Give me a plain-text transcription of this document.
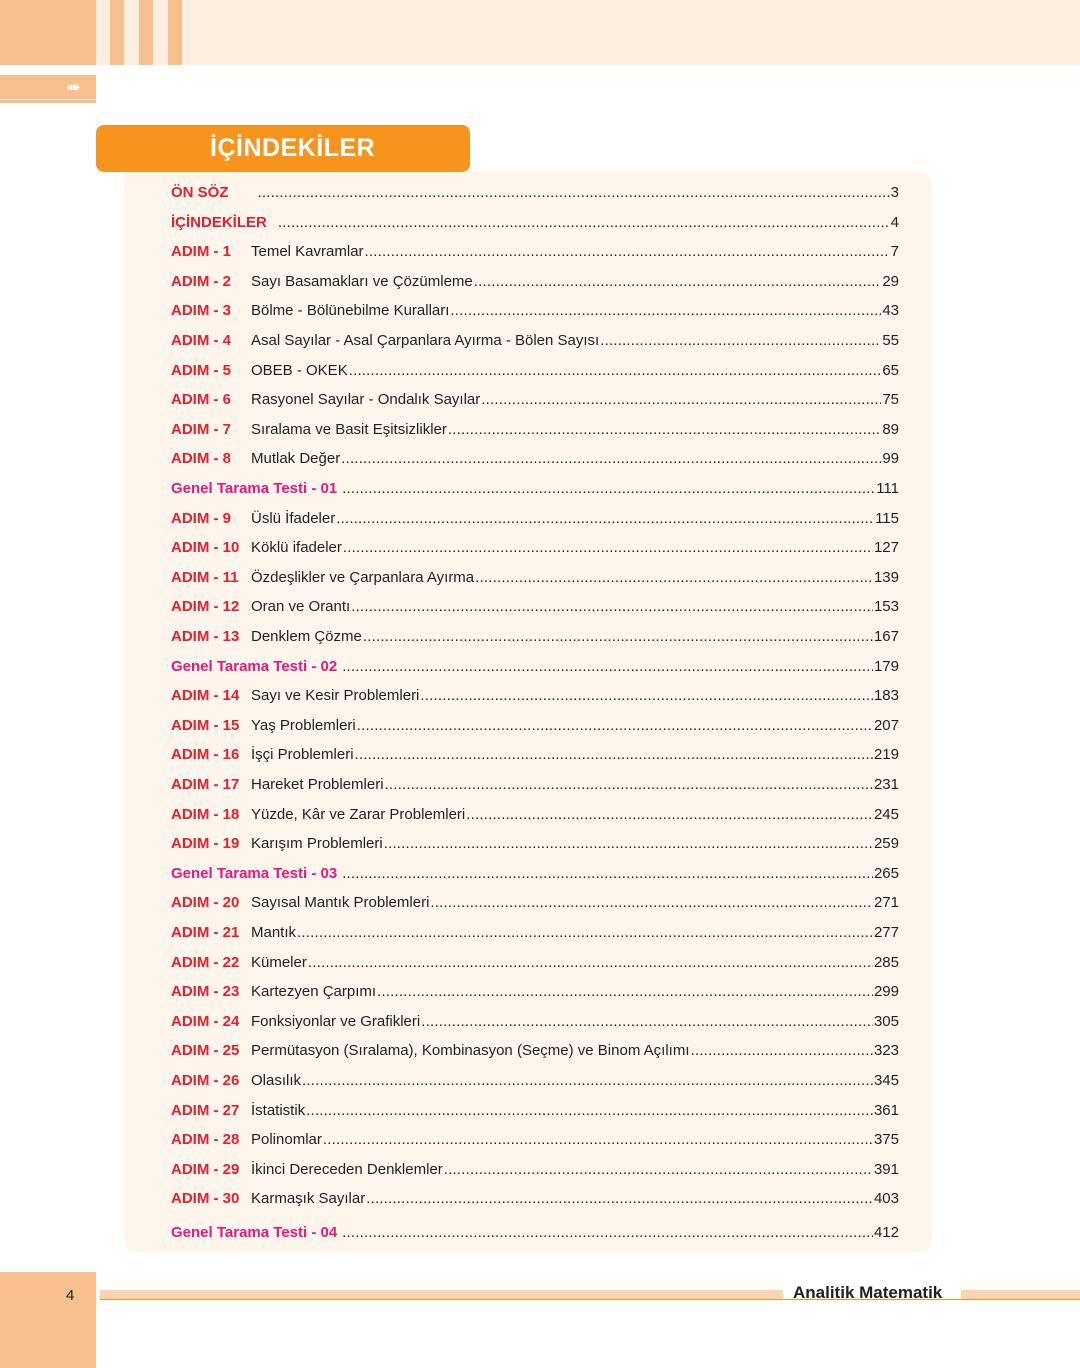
➠
İÇİNDEKİLER
ÖN SÖZ .....	3
İÇİNDEKİLER .....	4
ADIM - 1	Temel Kavramlar .....	7
ADIM - 2	Sayı Basamakları ve Çözümleme .....	29
ADIM - 3	Bölme - Bölünebilme Kuralları .....	43
ADIM - 4	Asal Sayılar - Asal Çarpanlara Ayırma - Bölen Sayısı .....	55
ADIM - 5	OBEB - OKEK .....	65
ADIM - 6	Rasyonel Sayılar - Ondalık Sayılar .....	75
ADIM - 7	Sıralama ve Basit Eşitsizlikler .....	89
ADIM - 8	Mutlak Değer .....	99
Genel Tarama Testi - 01 .....	111
ADIM - 9	Üslü İfadeler .....	115
ADIM - 10 Köklü ifadeler .....	127
ADIM - 11 Özdeşlikler ve Çarpanlara Ayırma .....	139
ADIM - 12 Oran ve Orantı .....	153
ADIM - 13 Denklem Çözme .....	167
Genel Tarama Testi - 02 .....	179
ADIM - 14 Sayı ve Kesir Problemleri .....	183
ADIM - 15 Yaş Problemleri .....	207
ADIM - 16 İşçi Problemleri .....	219
ADIM - 17 Hareket Problemleri .....	231
ADIM - 18 Yüzde, Kâr ve Zarar Problemleri .....	245
ADIM - 19 Karışım Problemleri .....	259
Genel Tarama Testi - 03 .....	265
ADIM - 20 Sayısal Mantık Problemleri .....	271
ADIM - 21 Mantık .....	277
ADIM - 22 Kümeler .....	285
ADIM - 23 Kartezyen Çarpımı .....	299
ADIM - 24 Fonksiyonlar ve Grafikleri .....	305
ADIM - 25 Permütasyon (Sıralama), Kombinasyon (Seçme) ve Binom Açılımı .....	323
ADIM - 26 Olasılık .....	345
ADIM - 27 İstatistik .....	361
ADIM - 28 Polinomlar .....	375
ADIM - 29 İkinci Dereceden Denklemler .....	391
ADIM - 30 Karmaşık Sayılar .....	403
Genel Tarama Testi - 04 .....	412
4	Analitik Matematik
